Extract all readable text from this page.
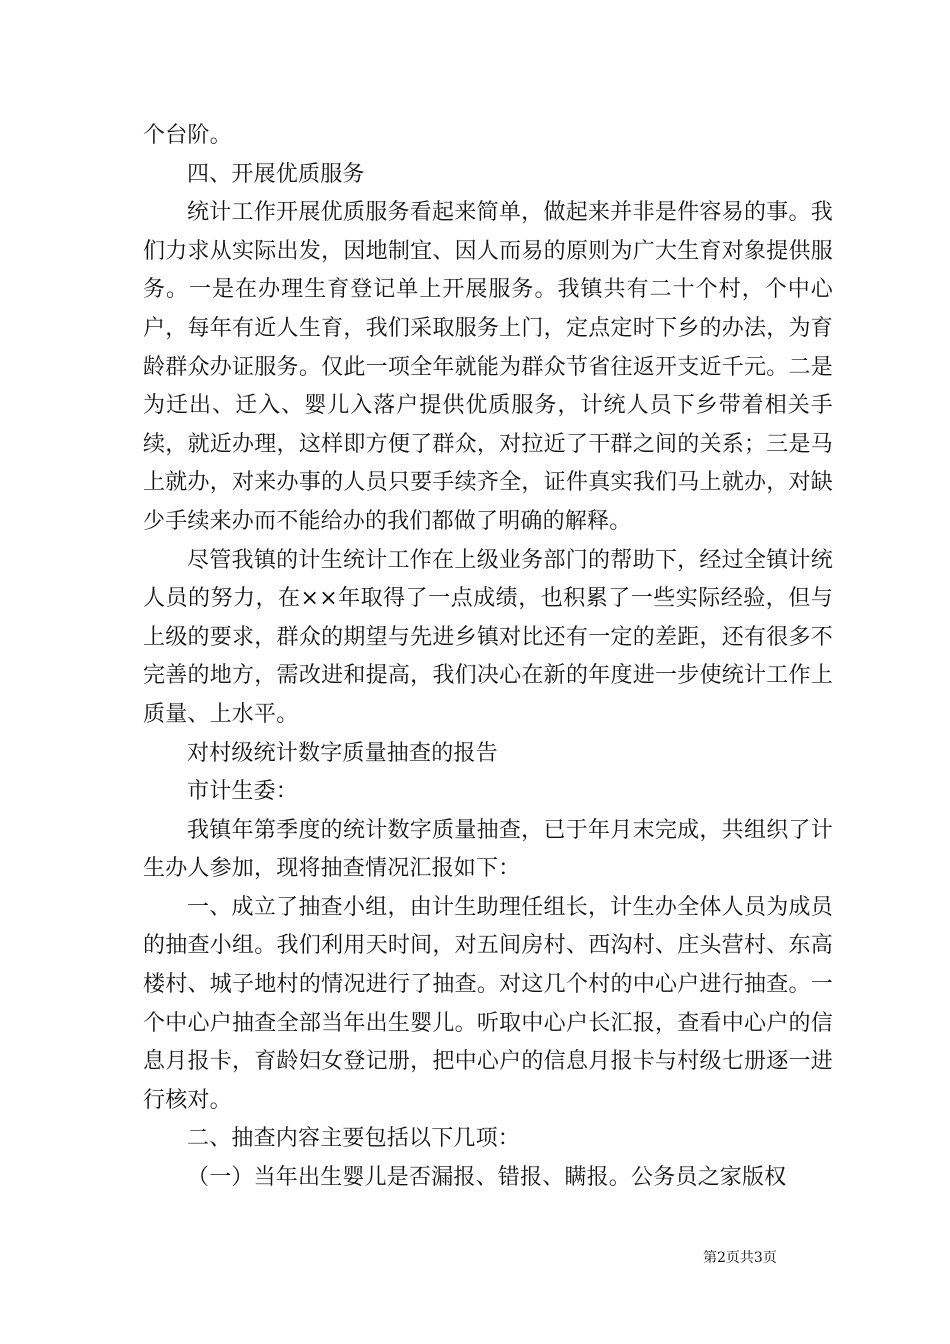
个台阶。

四、开展优质服务

统计工作开展优质服务看起来简单，做起来并非是件容易的事。我们力求从实际出发，因地制宜、因人而易的原则为广大生育对象提供服务。一是在办理生育登记单上开展服务。我镇共有二十个村，个中心户，每年有近人生育，我们采取服务上门，定点定时下乡的办法，为育龄群众办证服务。仅此一项全年就能为群众节省往返开支近千元。二是为迁出、迁入、婴儿入落户提供优质服务，计统人员下乡带着相关手续，就近办理，这样即方便了群众，对拉近了干群之间的关系；三是马上就办，对来办事的人员只要手续齐全，证件真实我们马上就办，对缺少手续来办而不能给办的我们都做了明确的解释。

尽管我镇的计生统计工作在上级业务部门的帮助下，经过全镇计统人员的努力，在××年取得了一点成绩，也积累了一些实际经验，但与上级的要求，群众的期望与先进乡镇对比还有一定的差距，还有很多不完善的地方，需改进和提高，我们决心在新的年度进一步使统计工作上质量、上水平。

对村级统计数字质量抽查的报告

市计生委：

我镇年第季度的统计数字质量抽查，已于年月末完成，共组织了计生办人参加，现将抽查情况汇报如下：

一、成立了抽查小组，由计生助理任组长，计生办全体人员为成员的抽查小组。我们利用天时间，对五间房村、西沟村、庄头营村、东高楼村、城子地村的情况进行了抽查。对这几个村的中心户进行抽查。一个中心户抽查全部当年出生婴儿。听取中心户长汇报，查看中心户的信息月报卡，育龄妇女登记册，把中心户的信息月报卡与村级七册逐一进行核对。

二、抽查内容主要包括以下几项：

（一）当年出生婴儿是否漏报、错报、瞒报。公务员之家版权

第2页共3页
